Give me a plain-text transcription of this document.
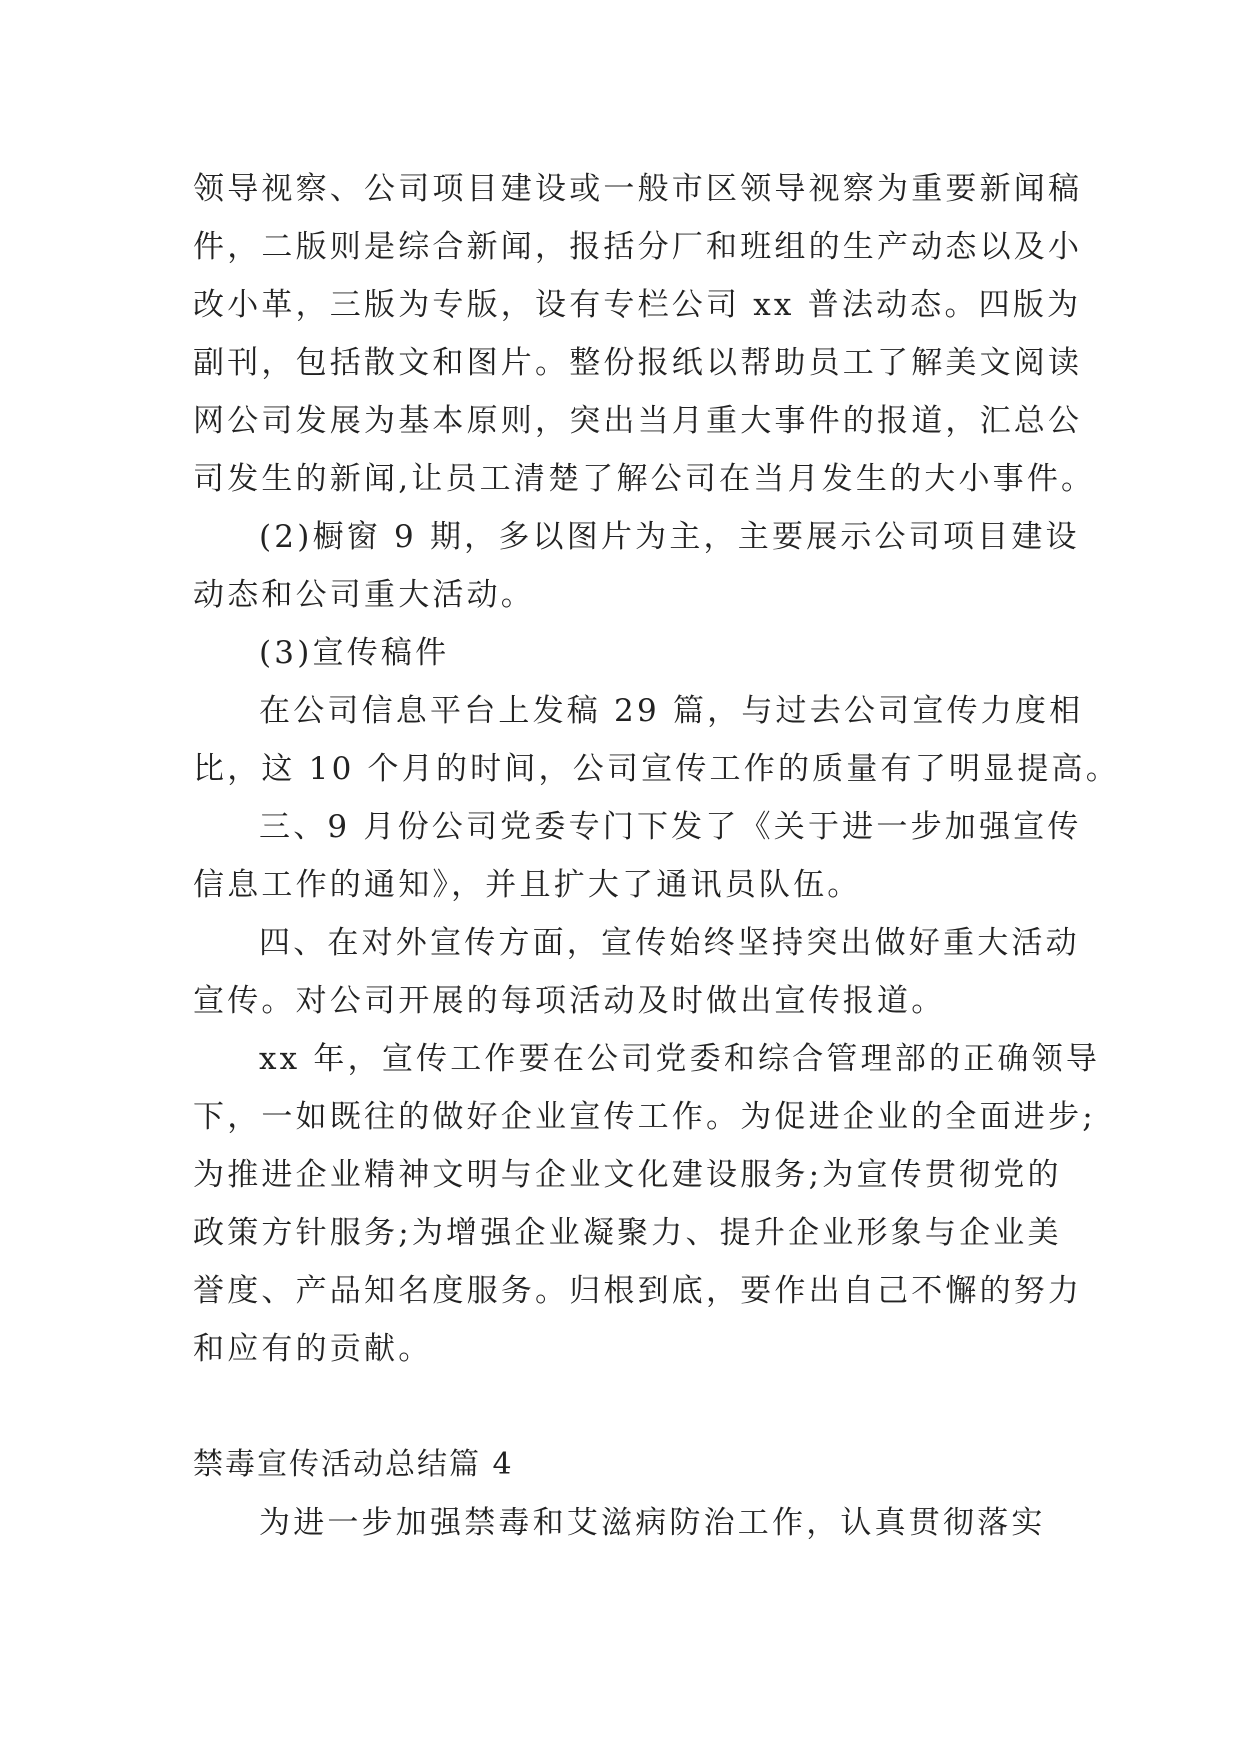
领导视察、公司项目建设或一般市区领导视察为重要新闻稿
件，二版则是综合新闻，报括分厂和班组的生产动态以及小
改小革，三版为专版，设有专栏公司 xx 普法动态。四版为
副刊，包括散文和图片。整份报纸以帮助员工了解美文阅读
网公司发展为基本原则，突出当月重大事件的报道，汇总公
司发生的新闻,让员工清楚了解公司在当月发生的大小事件。
(2)橱窗 9 期，多以图片为主，主要展示公司项目建设
动态和公司重大活动。
(3)宣传稿件
在公司信息平台上发稿 29 篇，与过去公司宣传力度相
比，这 10 个月的时间，公司宣传工作的质量有了明显提高。
三、9 月份公司党委专门下发了《关于进一步加强宣传
信息工作的通知》，并且扩大了通讯员队伍。
四、在对外宣传方面，宣传始终坚持突出做好重大活动
宣传。对公司开展的每项活动及时做出宣传报道。
xx 年，宣传工作要在公司党委和综合管理部的正确领导
下，一如既往的做好企业宣传工作。为促进企业的全面进步;
为推进企业精神文明与企业文化建设服务;为宣传贯彻党的
政策方针服务;为增强企业凝聚力、提升企业形象与企业美
誉度、产品知名度服务。归根到底，要作出自己不懈的努力
和应有的贡献。
禁毒宣传活动总结篇 4
为进一步加强禁毒和艾滋病防治工作，认真贯彻落实
